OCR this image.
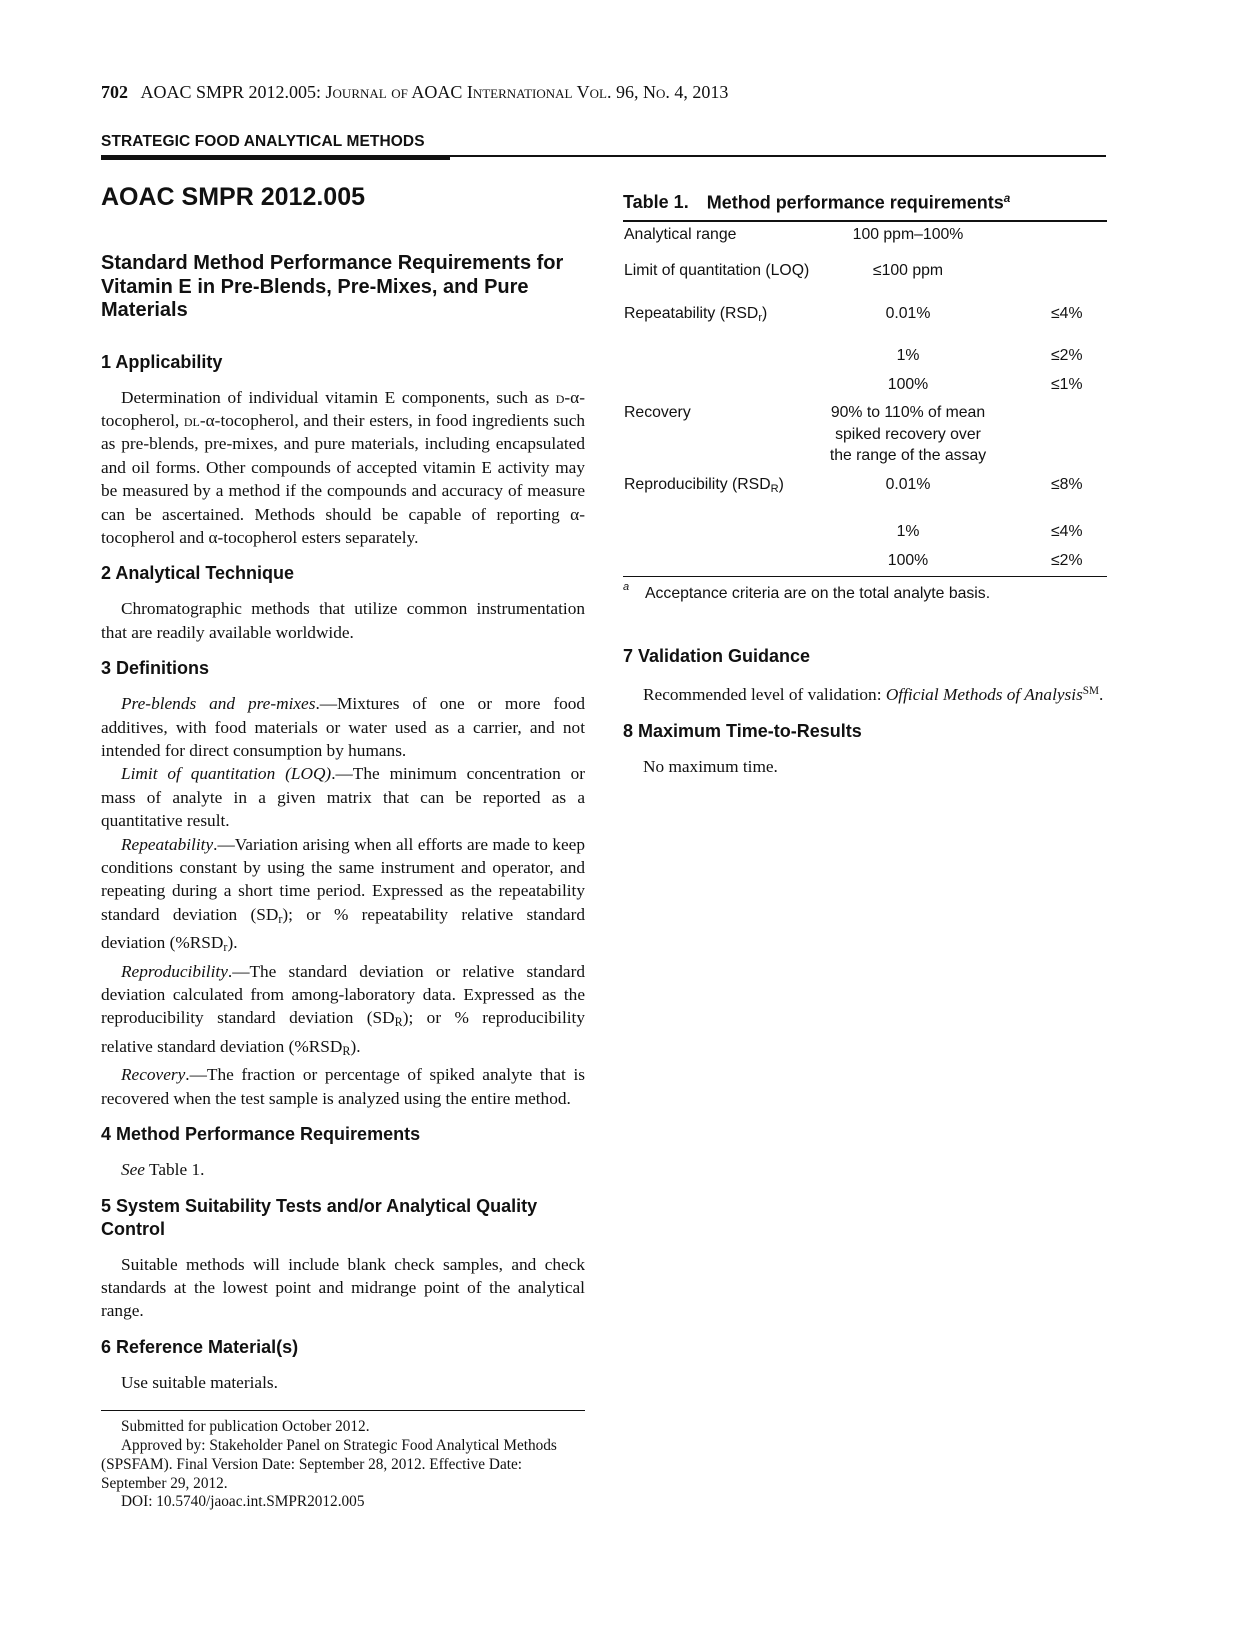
702 AOAC SMPR 2012.005: Journal of AOAC International Vol. 96, No. 4, 2013
STRATEGIC FOOD ANALYTICAL METHODS
AOAC SMPR 2012.005
Standard Method Performance Requirements for Vitamin E in Pre-Blends, Pre-Mixes, and Pure Materials
1 Applicability

Determination of individual vitamin E components, such as d-α-tocopherol, dl-α-tocopherol, and their esters, in food ingredients such as pre-blends, pre-mixes, and pure materials, including encapsulated and oil forms. Other compounds of accepted vitamin E activity may be measured by a method if the compounds and accuracy of measure can be ascertained. Methods should be capable of reporting α-tocopherol and α-tocopherol esters separately.

2 Analytical Technique

Chromatographic methods that utilize common instrumentation that are readily available worldwide.

3 Definitions

Pre-blends and pre-mixes.—Mixtures of one or more food additives, with food materials or water used as a carrier, and not intended for direct consumption by humans.

Limit of quantitation (LOQ).—The minimum concentration or mass of analyte in a given matrix that can be reported as a quantitative result.

Repeatability.—Variation arising when all efforts are made to keep conditions constant by using the same instrument and operator, and repeating during a short time period. Expressed as the repeatability standard deviation $(SD_r)$; or % repeatability relative standard deviation $(\%RSD_r)$.

Reproducibility.—The standard deviation or relative standard deviation calculated from among-laboratory data. Expressed as the reproducibility standard deviation $(SD_R)$; or % reproducibility relative standard deviation $(\%RSD_R)$.

Recovery.—The fraction or percentage of spiked analyte that is recovered when the test sample is analyzed using the entire method.

4 Method Performance Requirements

See Table 1.

5 System Suitability Tests and/or Analytical Quality Control

Suitable methods will include blank check samples, and check standards at the lowest point and midrange point of the analytical range.

6 Reference Material(s)

Use suitable materials.

Submitted for publication October 2012.

Approved by: Stakeholder Panel on Strategic Food Analytical Methods (SPSFAM). Final Version Date: September 28, 2012. Effective Date: September 29, 2012.

DOI: 10.5740/jaoac.int.SMPR2012.005

Table 1. Method performance requirements$^a$
Analytical range	100 ppm–100%
Limit of quantitation (LOQ)	≤100 ppm
Repeatability $(RSD_r)$	0.01%	≤4%
1%	≤2%
100%	≤1%
Recovery	90% to 110% of mean
spiked recovery over
the range of the assay
Reproducibility $(RSD_R)$	0.01%	≤8%
1%	≤4%
100%	≤2%
a Acceptance criteria are on the total analyte basis.
7 Validation Guidance

Recommended level of validation: Official Methods of Analysis℠.

8 Maximum Time-to-Results

No maximum time.
